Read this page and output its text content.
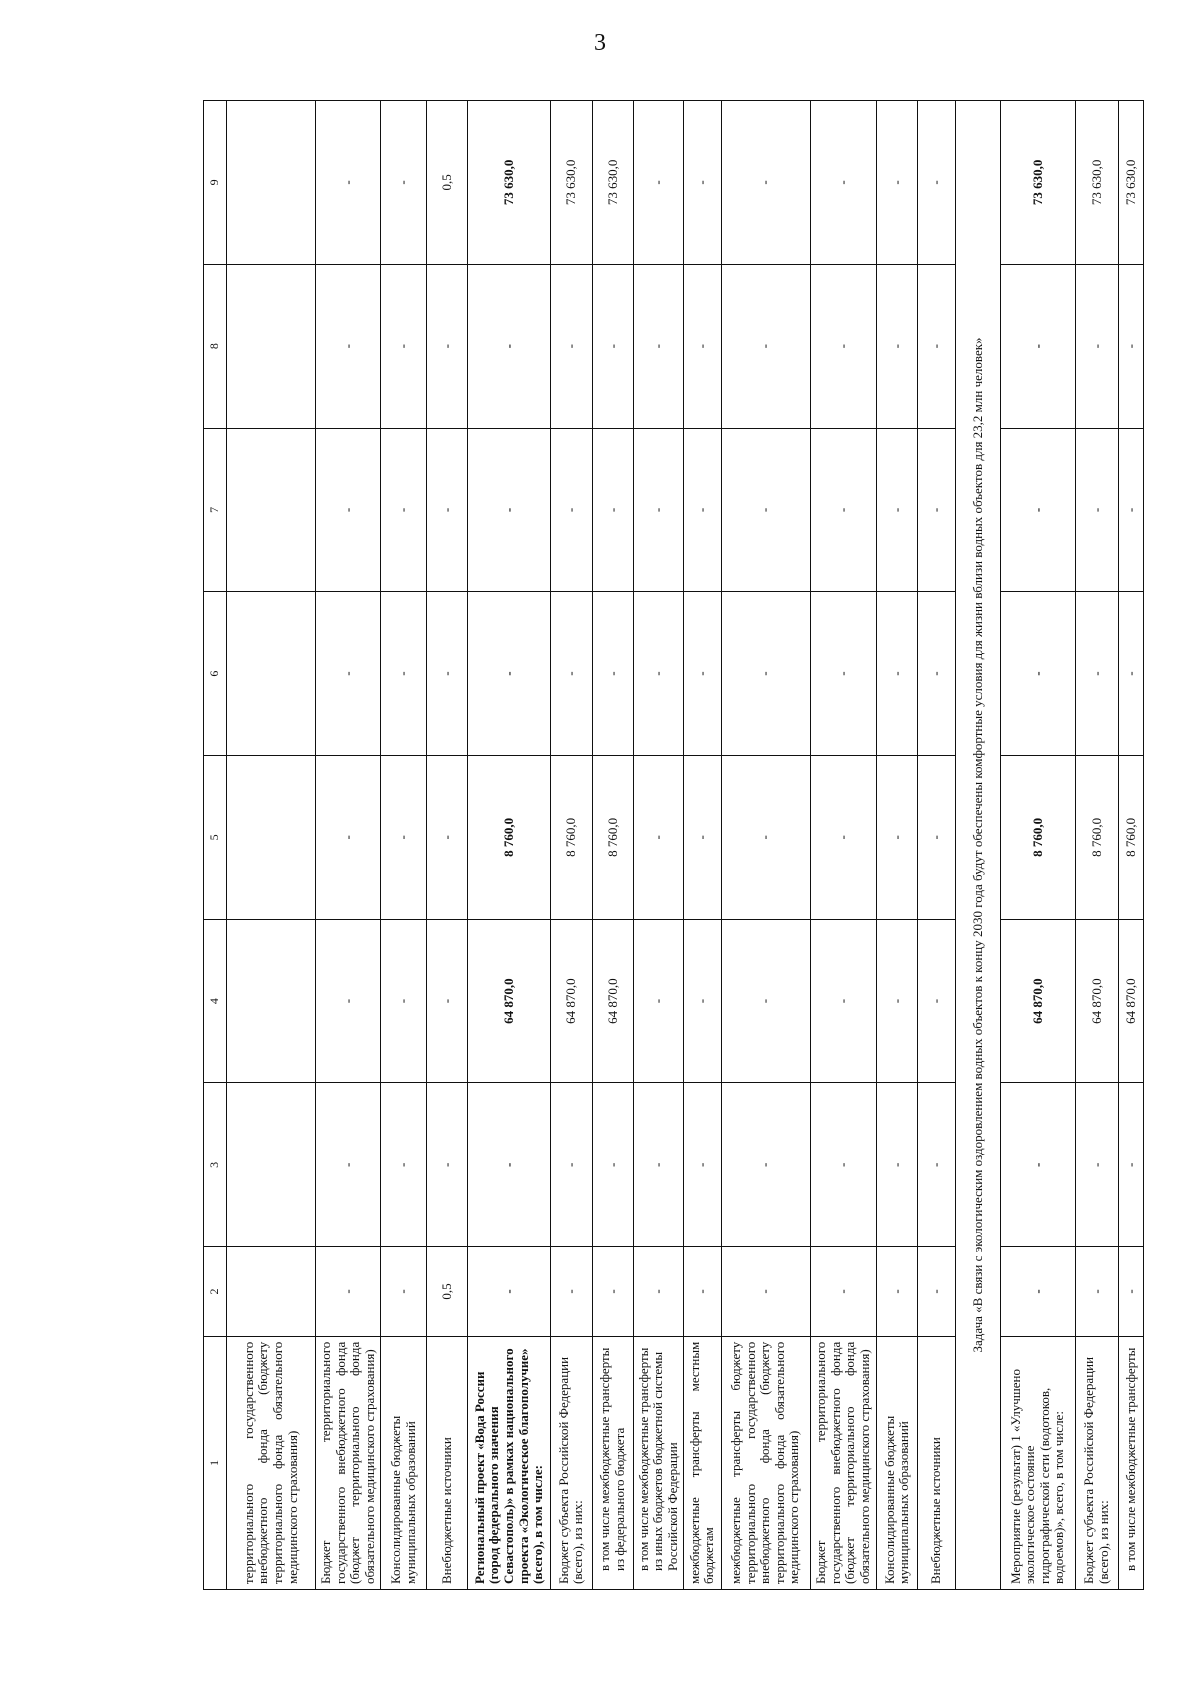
3
1	2	3	4	5	6	7	8	9
территориального государственного внебюджетного фонда (бюджету территориального фонда обязательного медицинского страхования)								
Бюджет территориального государственного внебюджетного фонда (бюджет территориального фонда обязательного медицинского страхования)	-	-	-	-	-	-	-	-
Консолидированные бюджеты муниципальных образований	-	-	-	-	-	-	-	-
Внебюджетные источники	0,5	-	-	-	-	-	-	0,5
Региональный проект «Вода России (город федерального значения Севастополь)» в рамках национального проекта «Экологическое благополучие» (всего), в том числе:	-	-	64 870,0	8 760,0	-	-	-	73 630,0
Бюджет субъекта Российской Федерации (всего), из них:	-	-	64 870,0	8 760,0	-	-	-	73 630,0
в том числе межбюджетные трансферты из федерального бюджета	-	-	64 870,0	8 760,0	-	-	-	73 630,0
в том числе межбюджетные трансферты из иных бюджетов бюджетной системы Российской Федерации	-	-	-	-	-	-	-	-
межбюджетные трансферты местным бюджетам	-	-	-	-	-	-	-	-
межбюджетные трансферты бюджету территориального государственного внебюджетного фонда (бюджету территориального фонда обязательного медицинского страхования)	-	-	-	-	-	-	-	-
Бюджет территориального государственного внебюджетного фонда (бюджет территориального фонда обязательного медицинского страхования)	-	-	-	-	-	-	-	-
Консолидированные бюджеты муниципальных образований	-	-	-	-	-	-	-	-
Внебюджетные источники	-	-	-	-	-	-	-	-
Задача «В связи с экологическим оздоровлением водных объектов к концу 2030 года будут обеспечены комфортные условия для жизни вблизи водных объектов для 23,2 млн человек»								
Мероприятие (результат) 1 «Улучшено экологическое состояние гидрографической сети (водотоков, водоемов)», всего, в том числе:	-	-	64 870,0	8 760,0	-	-	-	73 630,0
Бюджет субъекта Российской Федерации (всего), из них:	-	-	64 870,0	8 760,0	-	-	-	73 630,0
в том числе межбюджетные трансферты	-	-	64 870,0	8 760,0	-	-	-	73 630,0
